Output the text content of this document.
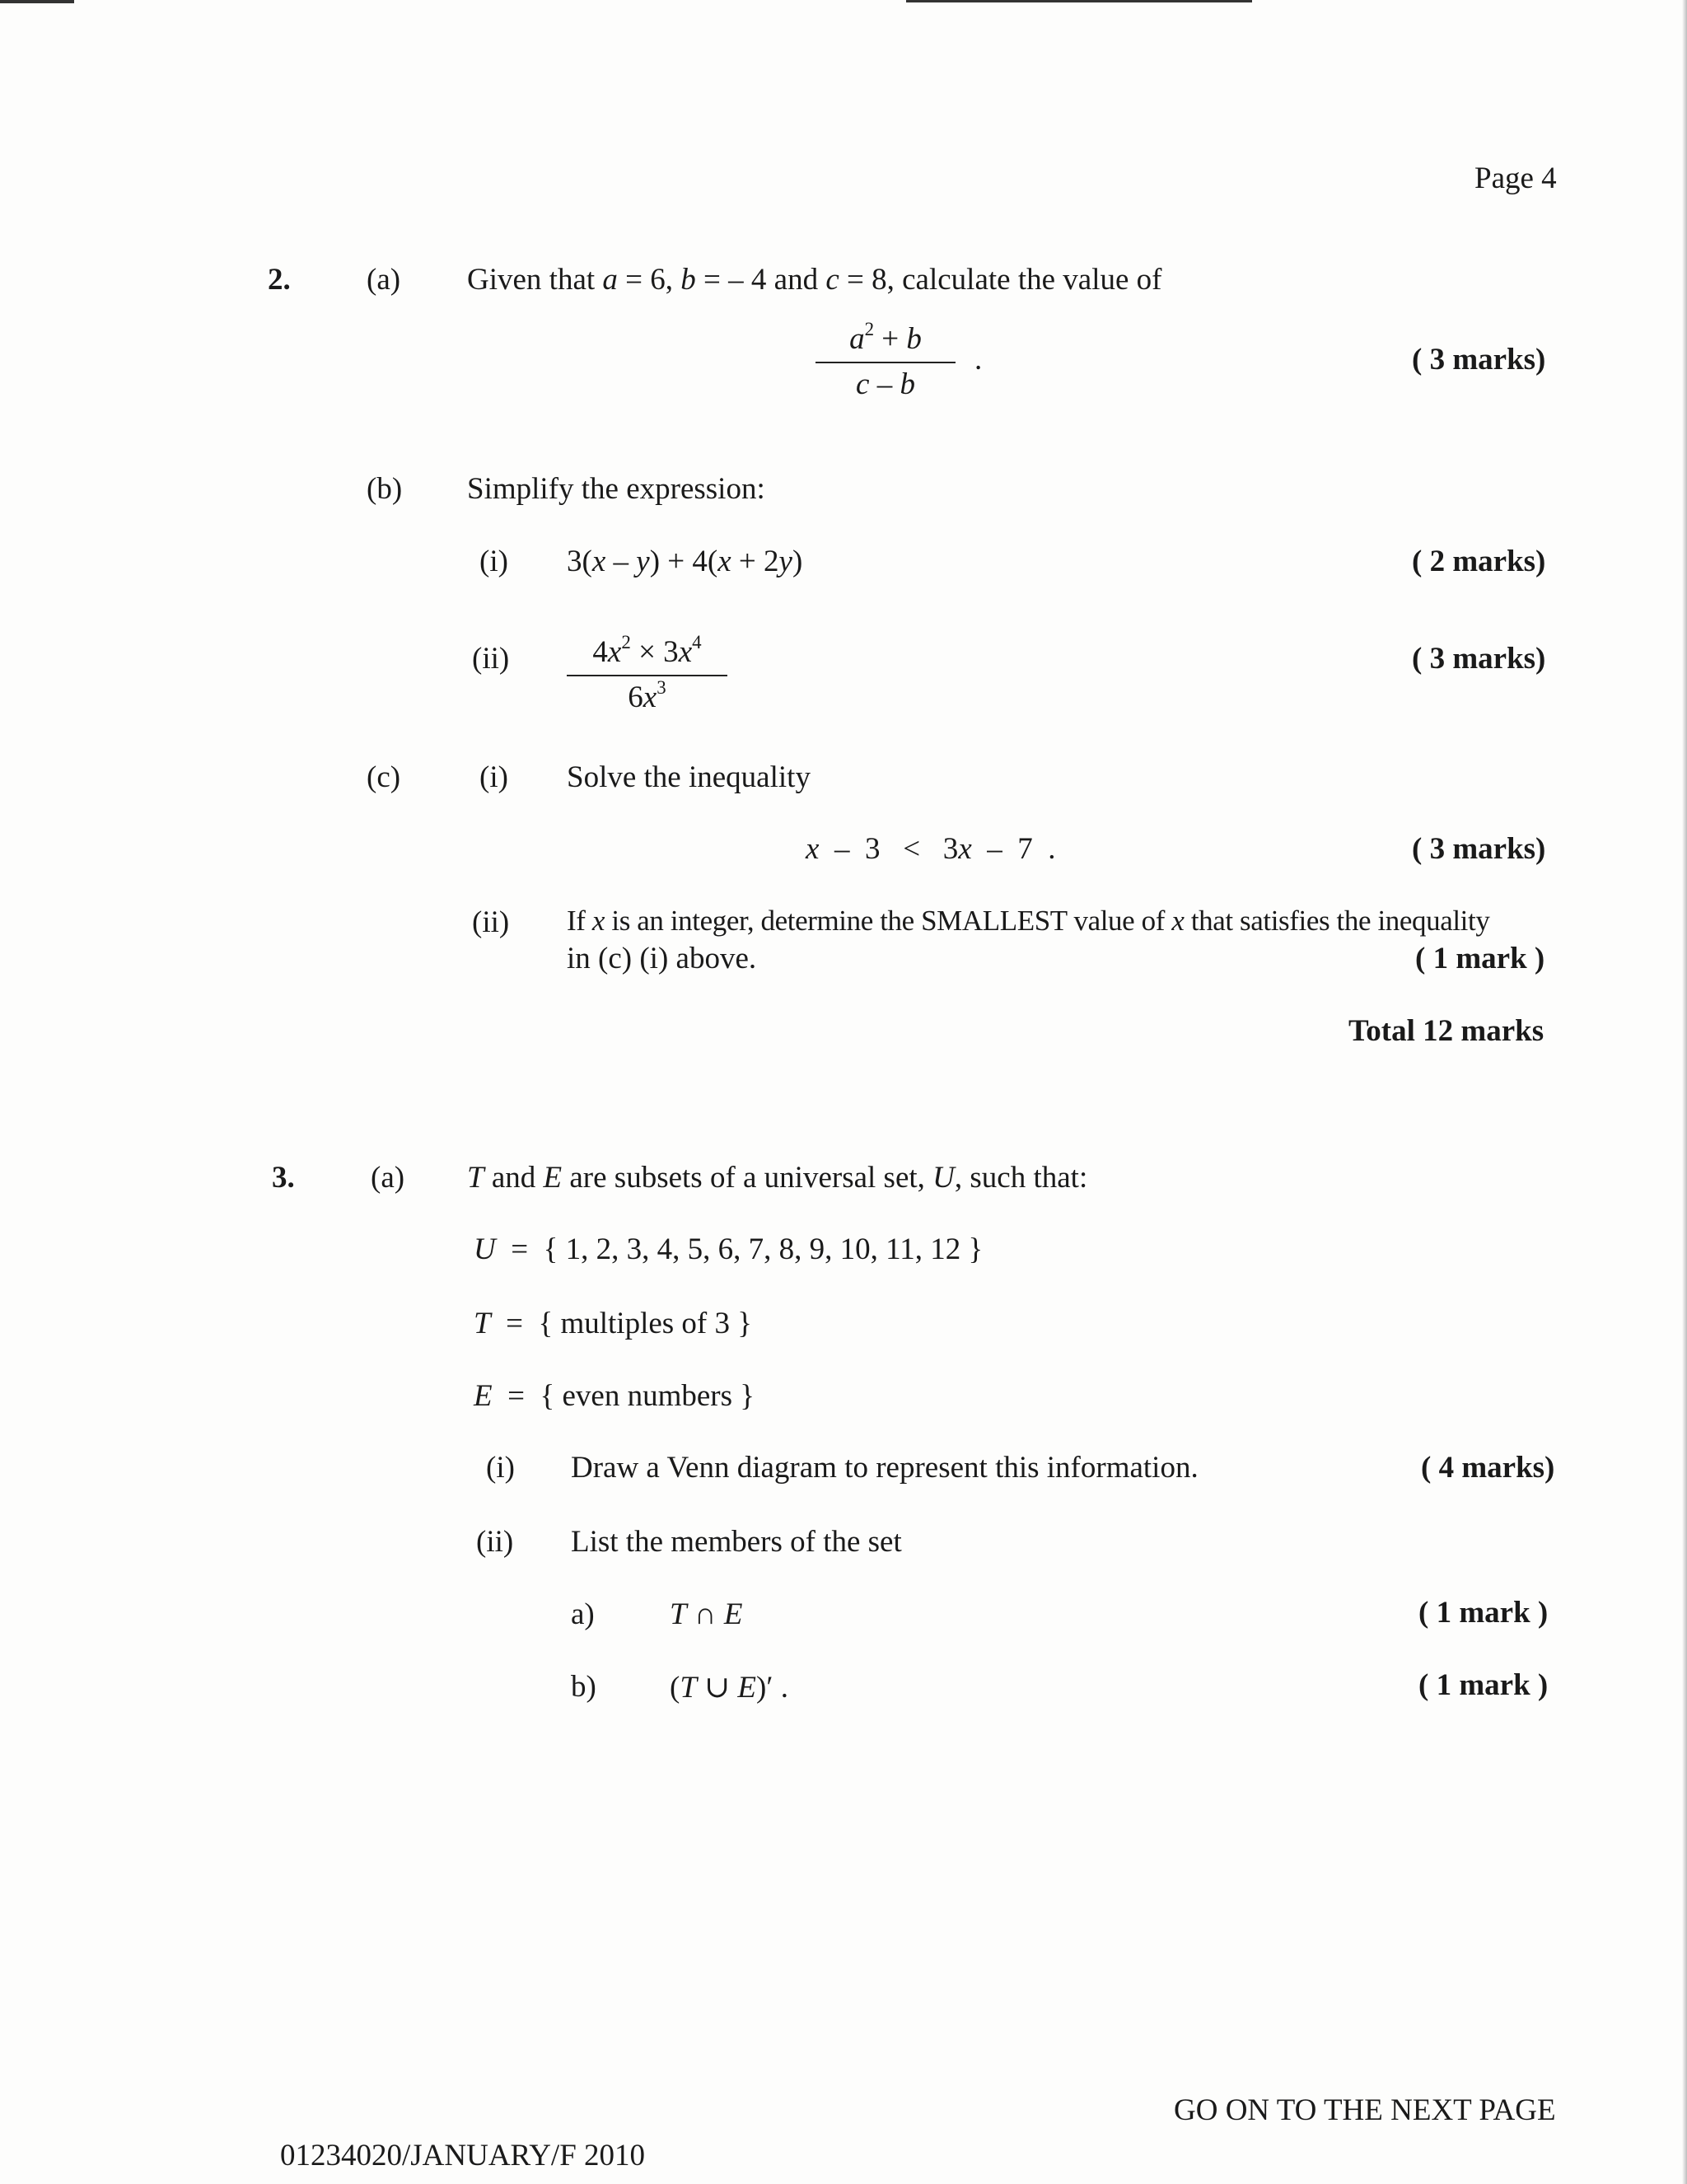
Page 4
2. (a) Given that a = 6, b = – 4 and c = 8, calculate the value of
$a^2 + b$
c – b
.	( 3 marks)
(b) Simplify the expression:
(i) 3(x – y) + 4(x + 2y)	( 2 marks)
(ii)	$4x^2 \times 3x^4$
$6x^3$
( 3 marks)
(c)	(i) Solve the inequality
x  –  3   <   3x  –  7  .	( 3 marks)
(ii) If x is an integer, determine the SMALLEST value of x that satisfies the inequality
in (c) (i) above.	( 1 mark )
Total 12 marks
3. (a) T and E are subsets of a universal set, U, such that:
U  =  { 1, 2, 3, 4, 5, 6, 7, 8, 9, 10, 11, 12 }
T  =  { multiples of 3 }
E  =  { even numbers }
(i) Draw a Venn diagram to represent this information.	( 4 marks)
(ii) List the members of the set
a) T ∩ E	( 1 mark )
b) (T ∪ E)′ .	( 1 mark )
GO ON TO THE NEXT PAGE
01234020/JANUARY/F 2010
